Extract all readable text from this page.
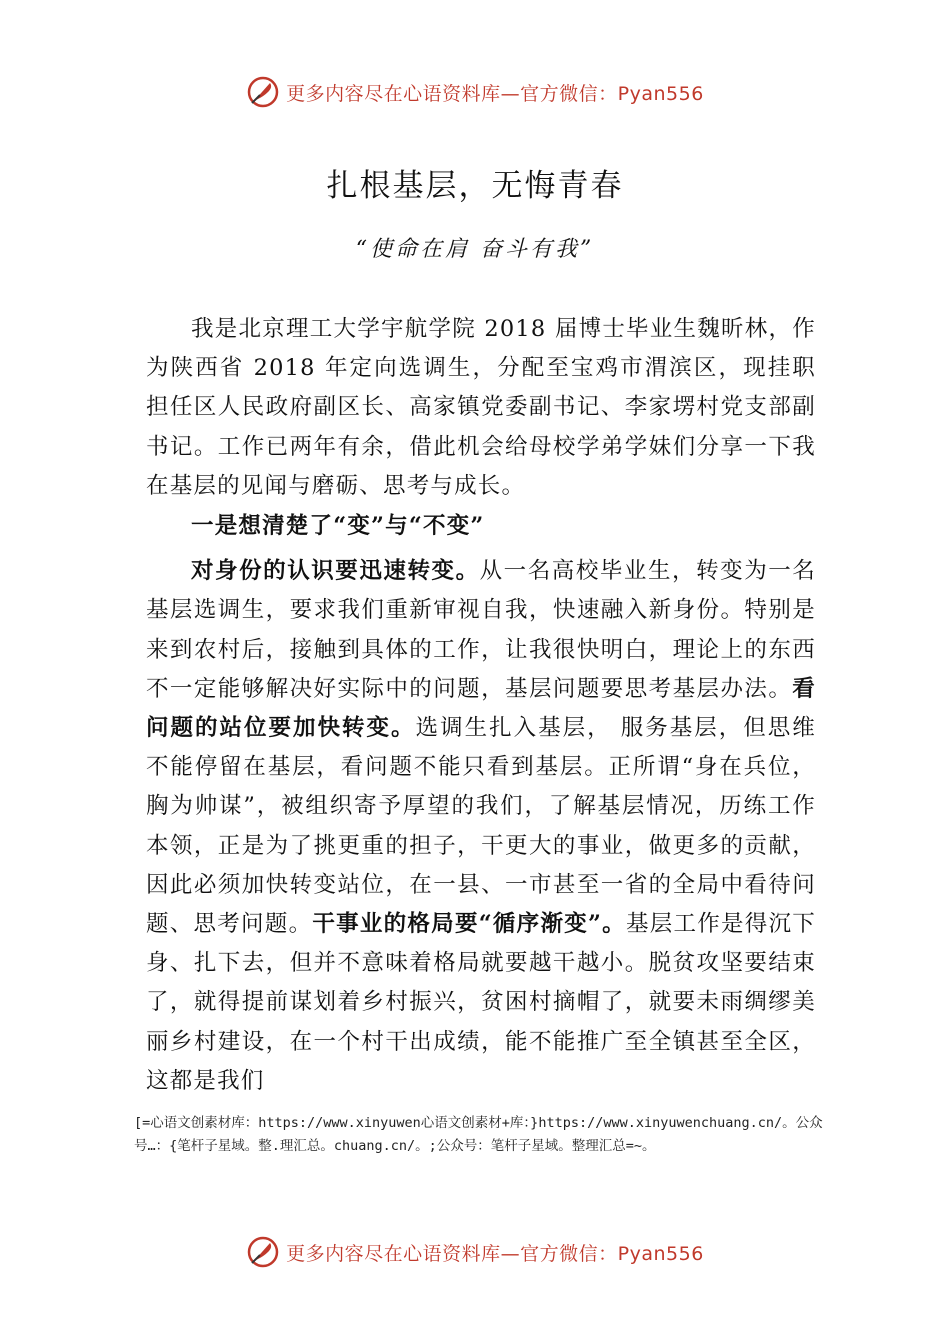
更多内容尽在心语资料库—官方微信：Pyan556
扎根基层，无悔青春
“使命在肩 奋斗有我”

我是北京理工大学宇航学院 2018 届博士毕业生魏昕林，作为陕西省 2018 年定向选调生，分配至宝鸡市渭滨区，现挂职担任区人民政府副区长、高家镇党委副书记、李家塄村党支部副书记。工作已两年有余，借此机会给母校学弟学妹们分享一下我在基层的见闻与磨砺、思考与成长。

一是想清楚了“变”与“不变”

对身份的认识要迅速转变。从一名高校毕业生，转变为一名基层选调生，要求我们重新审视自我，快速融入新身份。特别是来到农村后，接触到具体的工作，让我很快明白，理论上的东西不一定能够解决好实际中的问题，基层问题要思考基层办法。看问题的站位要加快转变。选调生扎入基层， 服务基层，但思维不能停留在基层，看问题不能只看到基层。正所谓“身在兵位，胸为帅谋”，被组织寄予厚望的我们，了解基层情况，历练工作本领，正是为了挑更重的担子，干更大的事业，做更多的贡献，因此必须加快转变站位，在一县、一市甚至一省的全局中看待问题、思考问题。干事业的格局要“循序渐变”。基层工作是得沉下身、扎下去，但并不意味着格局就要越干越小。脱贫攻坚要结束了，就得提前谋划着乡村振兴，贫困村摘帽了，就要未雨绸缪美丽乡村建设，在一个村干出成绩，能不能推广至全镇甚至全区，这都是我们

[=心语文创素材库：https://www.xinyuwen心语文创素材+库：}https://www.xinyuwenchuang.cn/。公众号…：{笔杆子星域。整.理汇总。chuang.cn/。;公众号：笔杆子星域。整理汇总=~。
更多内容尽在心语资料库—官方微信：Pyan556
